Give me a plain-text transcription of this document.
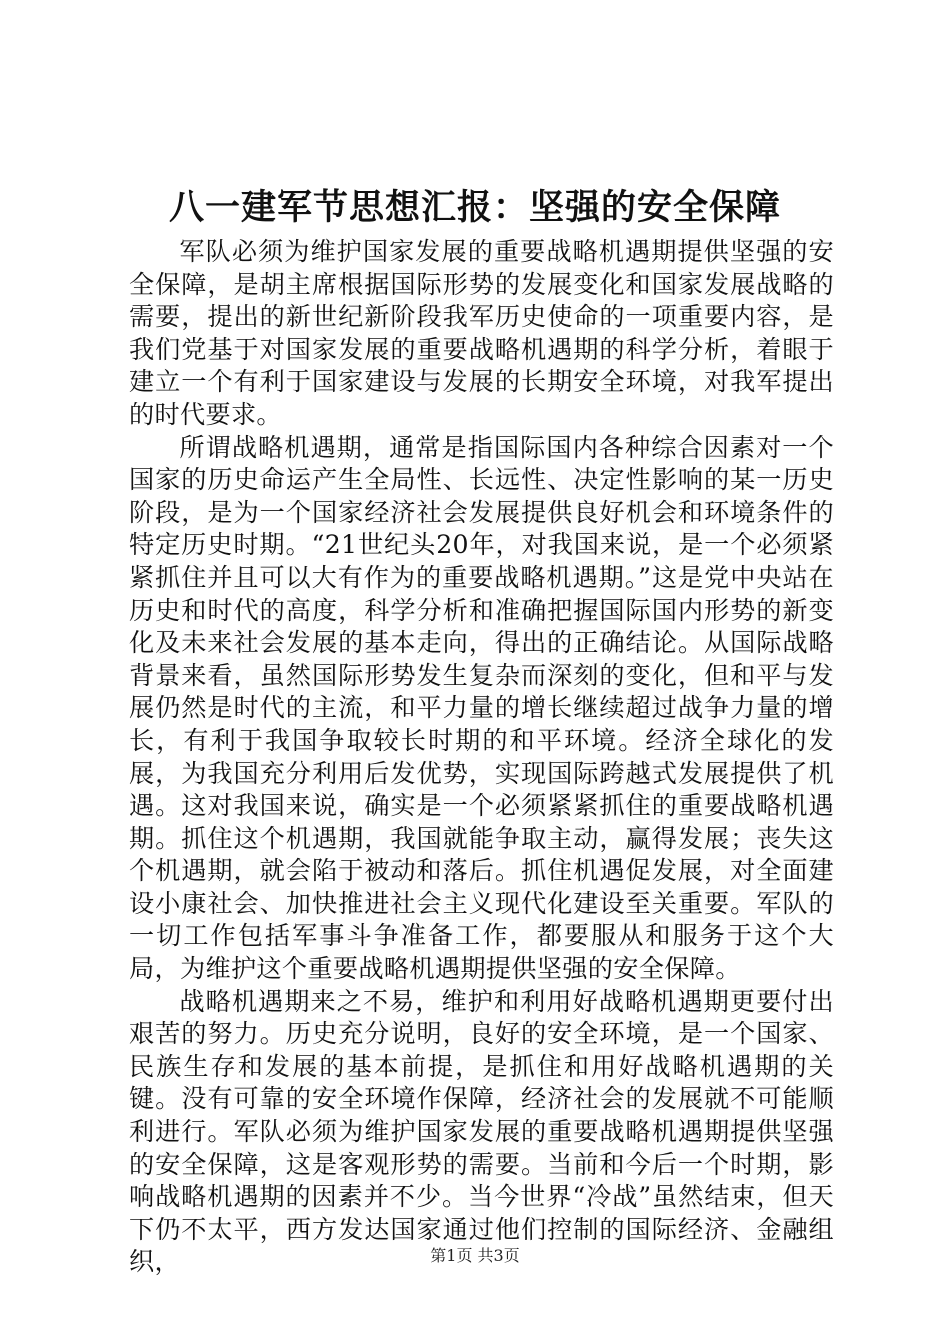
八一建军节思想汇报：坚强的安全保障

军队必须为维护国家发展的重要战略机遇期提供坚强的安全保障，是胡主席根据国际形势的发展变化和国家发展战略的需要，提出的新世纪新阶段我军历史使命的一项重要内容，是我们党基于对国家发展的重要战略机遇期的科学分析，着眼于建立一个有利于国家建设与发展的长期安全环境，对我军提出的时代要求。

所谓战略机遇期，通常是指国际国内各种综合因素对一个国家的历史命运产生全局性、长远性、决定性影响的某一历史阶段，是为一个国家经济社会发展提供良好机会和环境条件的特定历史时期。“21世纪头20年，对我国来说，是一个必须紧紧抓住并且可以大有作为的重要战略机遇期。”这是党中央站在历史和时代的高度，科学分析和准确把握国际国内形势的新变化及未来社会发展的基本走向，得出的正确结论。从国际战略背景来看，虽然国际形势发生复杂而深刻的变化，但和平与发展仍然是时代的主流，和平力量的增长继续超过战争力量的增长，有利于我国争取较长时期的和平环境。经济全球化的发展，为我国充分利用后发优势，实现国际跨越式发展提供了机遇。这对我国来说，确实是一个必须紧紧抓住的重要战略机遇期。抓住这个机遇期，我国就能争取主动，赢得发展；丧失这个机遇期，就会陷于被动和落后。抓住机遇促发展，对全面建设小康社会、加快推进社会主义现代化建设至关重要。军队的一切工作包括军事斗争准备工作，都要服从和服务于这个大局，为维护这个重要战略机遇期提供坚强的安全保障。

战略机遇期来之不易，维护和利用好战略机遇期更要付出艰苦的努力。历史充分说明，良好的安全环境，是一个国家、民族生存和发展的基本前提，是抓住和用好战略机遇期的关键。没有可靠的安全环境作保障，经济社会的发展就不可能顺利进行。军队必须为维护国家发展的重要战略机遇期提供坚强的安全保障，这是客观形势的需要。当前和今后一个时期，影响战略机遇期的因素并不少。当今世界“冷战”虽然结束，但天下仍不太平，西方发达国家通过他们控制的国际经济、金融组织，	第1页 共3页
